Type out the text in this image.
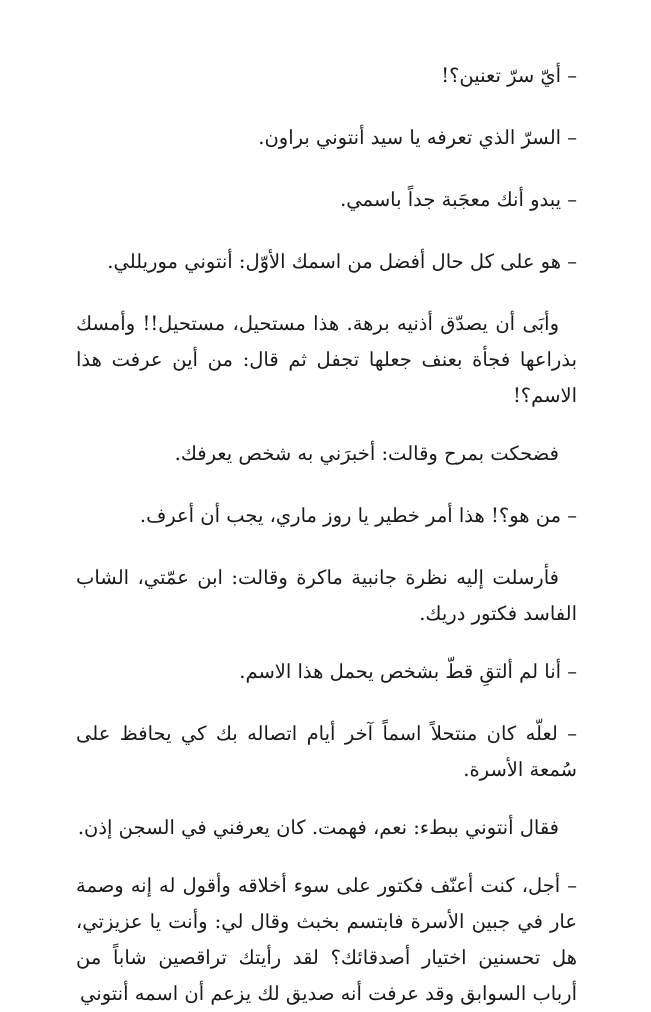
– أيّ سرّ تعنين؟!

– السرّ الذي تعرفه يا سيد أنتوني براون.

– يبدو أنك معجَبة جداً باسمي.

– هو على كل حال أفضل من اسمك الأوّل: أنتوني موريللي.

وأبَى أن يصدّق أذنيه برهة. هذا مستحيل، مستحيل!! وأمسك بذراعها فجأة بعنف جعلها تجفل ثم قال: من أين عرفت هذا الاسم؟!

فضحكت بمرح وقالت: أخبرَني به شخص يعرفك.

– من هو؟! هذا أمر خطير يا روز ماري، يجب أن أعرف.

فأرسلت إليه نظرة جانبية ماكرة وقالت: ابن عمّتي، الشاب الفاسد فكتور دريك.

– أنا لم ألتقِ قطّ بشخص يحمل هذا الاسم.

– لعلّه كان منتحلاً اسماً آخر أيام اتصاله بك كي يحافظ على سُمعة الأسرة.

فقال أنتوني ببطء: نعم، فهمت. كان يعرفني في السجن إذن.

– أجل، كنت أعنّف فكتور على سوء أخلاقه وأقول له إنه وصمة عار في جبين الأسرة فابتسم بخبث وقال لي: وأنت يا عزيزتي، هل تحسنين اختيار أصدقائك؟ لقد رأيتك تراقصين شاباً من أرباب السوابق وقد عرفت أنه صديق لك يزعم أن اسمه أنتوني
